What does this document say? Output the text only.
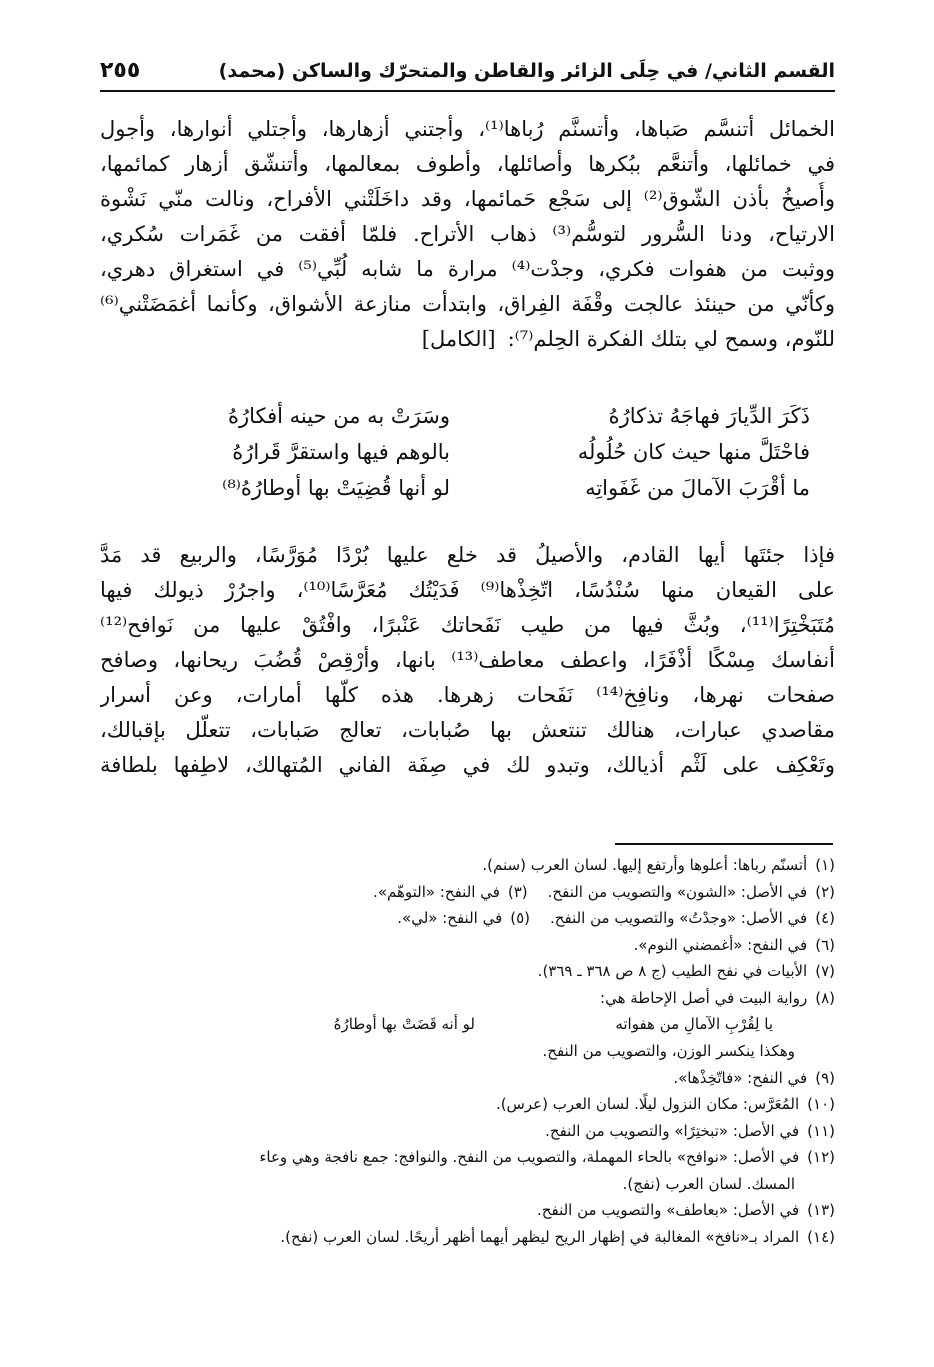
القسم الثاني/ في حِلَى الزائر والقاطن والمتحرّك والساكن (محمد)
٢٥٥
الخمائل أتنسَّم صَباها، وأتسنَّم رُباها⁽¹⁾، وأجتني أزهارها، وأجتلي أنوارها، وأجول
في خمائلها، وأتنعَّم ببُكرها وأصائلها، وأطوف بمعالمها، وأتنشّق أزهار كمائمها،
وأُصيخُ بأذن الشّوق⁽²⁾ إلى سَجْع حَمائمها، وقد داخَلَتْني الأفراح، ونالت منّي نَشْوة
الارتياح، ودنا السُّرور لتوسُّم⁽³⁾ ذهاب الأتراح. فلمّا أفقت من غَمَرات سُكري،
ووثبت من هفوات فكري، وجدْت⁽⁴⁾ مرارة ما شابه لُبِّي⁽⁵⁾ في استغراق دهري،
وكأنّي من حينئذ عالجت وقْفَة الفِراق، وابتدأت منازعة الأشواق، وكأنما أغمَضَتْني⁽⁶⁾
للنّوم، وسمح لي بتلك الفكرة الحِلم⁽⁷⁾:[الكامل]
ذَكَرَ الدِّيارَ فهاجَهُ تذكارُهُ
وسَرَتْ به من حينه أفكارُهُ
فاحْتَلَّ منها حيث كان حُلُولُه
بالوهم فيها واستقرَّ قَرارُهُ
ما أقْرَبَ الآمالَ من غَفَواتِه
لو أنها قُضِيَتْ بها أوطارُهُ⁽⁸⁾
فإذا جئتَها أيها القادم، والأصيلُ قد خلع عليها بُرْدًا مُوَرَّسًا، والربيع قد مَدَّ
على القيعان منها سُنْدُسًا، اتّخِذْها⁽⁹⁾ فَدَيْتُك مُعَرَّسًا⁽¹⁰⁾، واجرُرْ ذيولك فيها
مُتَبَخْتِرًا⁽¹¹⁾، وبُثَّ فيها من طيب نَفَحاتك عَنْبرًا، وافْتُقْ عليها من نَوافح⁽¹²⁾
أنفاسك مِسْكًا أذْفَرًا، واعطف معاطف⁽¹³⁾ بانها، وأرْقِصْ قُضُبَ ريحانها، وصافح
صفحات نهرها، ونافِخ⁽¹⁴⁾ نَفَحات زهرها. هذه كلّها أمارات، وعن أسرار
مقاصدي عبارات، هنالك تنتعش بها صُبابات، تعالج صَبابات، تتعلّل بإقبالك،
وتَعْكِف على لَثْم أذيالك، وتبدو لك في صِفَة الفاني المُتهالك، لاطِفها بلطافة
(١)أتسنّم رباها: أعلوها وأرتفع إليها. لسان العرب (سنم).
(٢)في الأصل: «الشون» والتصويب من النفح.(٣)في النفح: «التوهّم».
(٤)في الأصل: «وجدْتُ» والتصويب من النفح.(٥)في النفح: «لي».
(٦)في النفح: «أغمضني النوم».
(٧)الأبيات في نفح الطيب (ج ٨ ص ٣٦٨ ـ ٣٦٩).
(٨)رواية البيت في أصل الإحاطة هي:
يا لِقُرْبِ الآمالِ من هفواته
لو أنه قَضَتْ بها أوطارُهُ
وهكذا ينكسر الوزن، والتصويب من النفح.
(٩)في النفح: «فاتّخِذْها».
(١٠)المُعَرَّس: مكان النزول ليلًا. لسان العرب (عرس).
(١١)في الأصل: «تبختِرًا» والتصويب من النفح.
(١٢)في الأصل: «نوافح» بالحاء المهملة، والتصويب من النفح. والنوافج: جمع نافجة وهي وعاء
المسك. لسان العرب (نفج).
(١٣)في الأصل: «بعاطف» والتصويب من النفح.
(١٤)المراد بـ«نافخ» المغالبة في إظهار الريح ليظهر أيهما أظهر أريحًا. لسان العرب (نفح).
